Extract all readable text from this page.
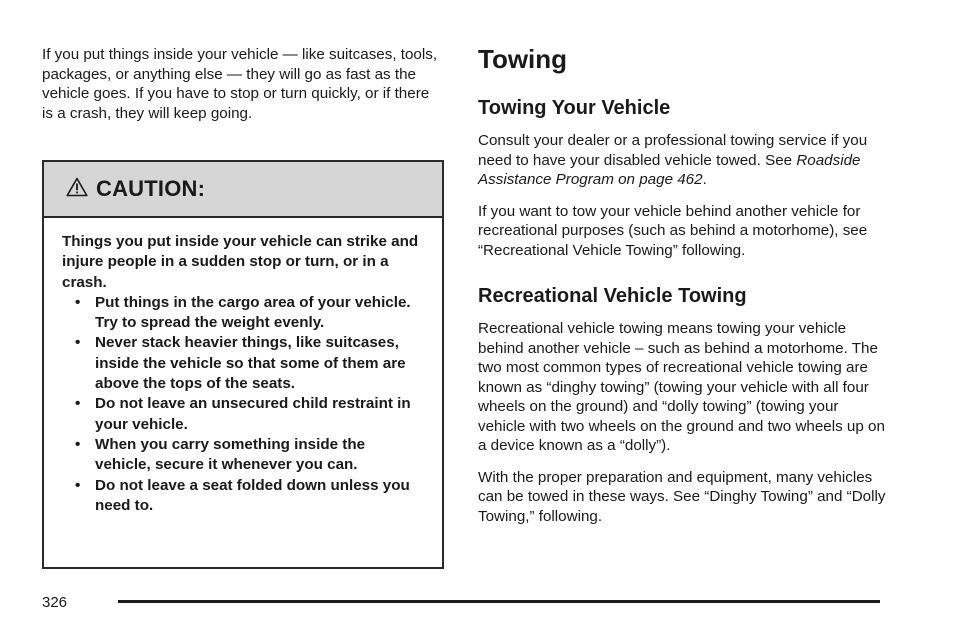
If you put things inside your vehicle — like suitcases, tools, packages, or anything else — they will go as fast as the vehicle goes. If you have to stop or turn quickly, or if there is a crash, they will keep going.

CAUTION:
Things you put inside your vehicle can strike and injure people in a sudden stop or turn, or in a crash.
• Put things in the cargo area of your vehicle. Try to spread the weight evenly.
• Never stack heavier things, like suitcases, inside the vehicle so that some of them are above the tops of the seats.
• Do not leave an unsecured child restraint in your vehicle.
• When you carry something inside the vehicle, secure it whenever you can.
• Do not leave a seat folded down unless you need to.
Towing
Towing Your Vehicle

Consult your dealer or a professional towing service if you need to have your disabled vehicle towed. See Roadside Assistance Program on page 462.

If you want to tow your vehicle behind another vehicle for recreational purposes (such as behind a motorhome), see “Recreational Vehicle Towing” following.

Recreational Vehicle Towing

Recreational vehicle towing means towing your vehicle behind another vehicle – such as behind a motorhome. The two most common types of recreational vehicle towing are known as “dinghy towing” (towing your vehicle with all four wheels on the ground) and “dolly towing” (towing your vehicle with two wheels on the ground and two wheels up on a device known as a “dolly”).

With the proper preparation and equipment, many vehicles can be towed in these ways. See “Dinghy Towing” and “Dolly Towing,” following.

326
